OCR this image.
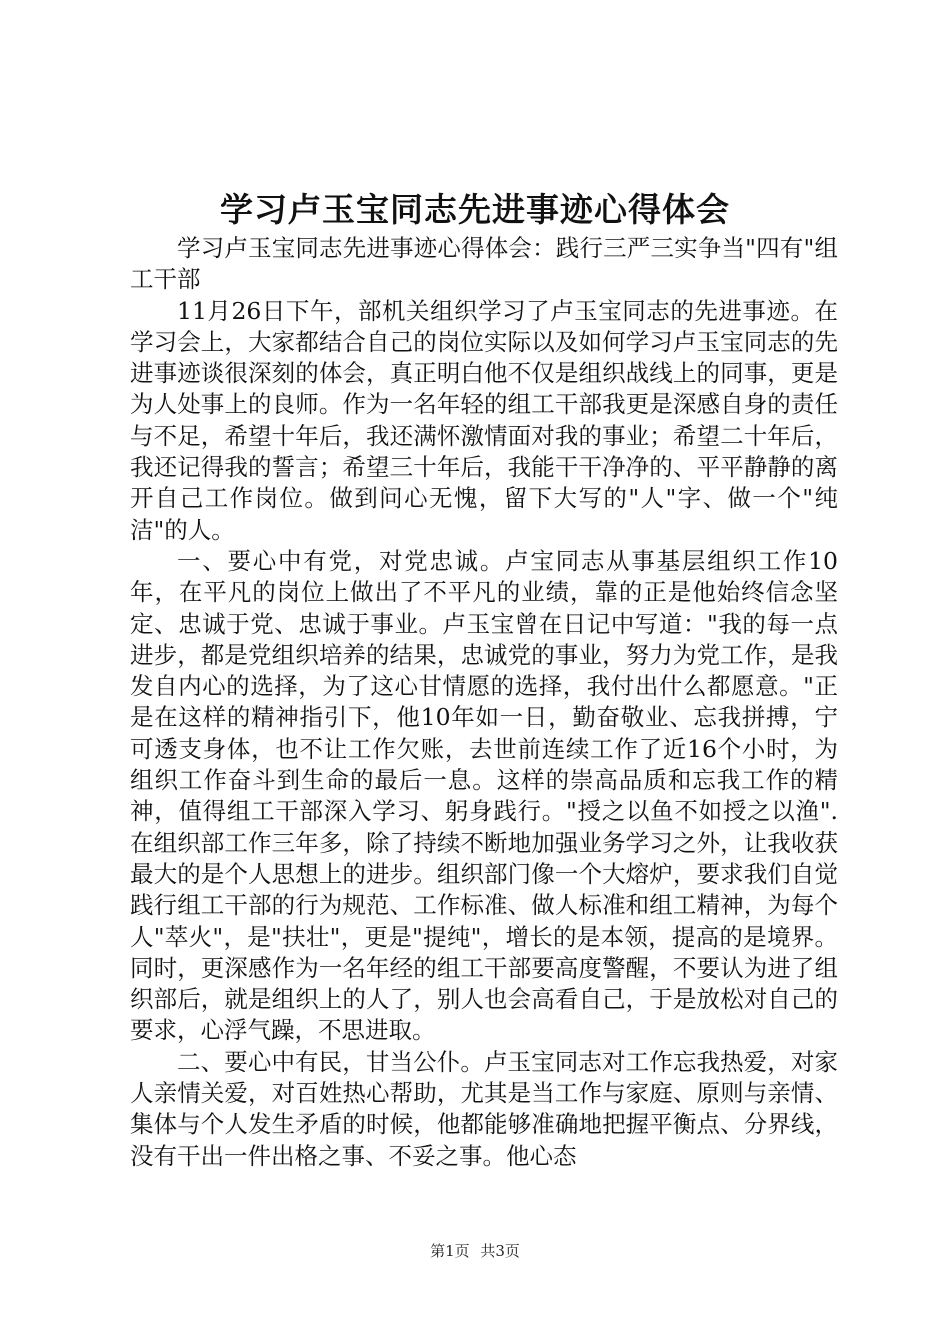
学习卢玉宝同志先进事迹心得体会

学习卢玉宝同志先进事迹心得体会：践行三严三实争当"四有"组工干部

11月26日下午，部机关组织学习了卢玉宝同志的先进事迹。在学习会上，大家都结合自己的岗位实际以及如何学习卢玉宝同志的先进事迹谈很深刻的体会，真正明白他不仅是组织战线上的同事，更是为人处事上的良师。作为一名年轻的组工干部我更是深感自身的责任与不足，希望十年后，我还满怀激情面对我的事业；希望二十年后，我还记得我的誓言；希望三十年后，我能干干净净的、平平静静的离开自己工作岗位。做到问心无愧，留下大写的"人"字、做一个"纯洁"的人。

一、要心中有党，对党忠诚。卢宝同志从事基层组织工作10年，在平凡的岗位上做出了不平凡的业绩，靠的正是他始终信念坚定、忠诚于党、忠诚于事业。卢玉宝曾在日记中写道："我的每一点进步，都是党组织培养的结果，忠诚党的事业，努力为党工作，是我发自内心的选择，为了这心甘情愿的选择，我付出什么都愿意。"正是在这样的精神指引下，他10年如一日，勤奋敬业、忘我拼搏，宁可透支身体，也不让工作欠账，去世前连续工作了近16个小时，为组织工作奋斗到生命的最后一息。这样的崇高品质和忘我工作的精神，值得组工干部深入学习、躬身践行。"授之以鱼不如授之以渔".在组织部工作三年多，除了持续不断地加强业务学习之外，让我收获最大的是个人思想上的进步。组织部门像一个大熔炉，要求我们自觉践行组工干部的行为规范、工作标准、做人标准和组工精神，为每个人"萃火"，是"扶壮"，更是"提纯"，增长的是本领，提高的是境界。同时，更深感作为一名年经的组工干部要高度警醒，不要认为进了组织部后，就是组织上的人了，别人也会高看自己，于是放松对自己的要求，心浮气躁，不思进取。

二、要心中有民，甘当公仆。卢玉宝同志对工作忘我热爱，对家人亲情关爱，对百姓热心帮助，尤其是当工作与家庭、原则与亲情、集体与个人发生矛盾的时候，他都能够准确地把握平衡点、分界线，没有干出一件出格之事、不妥之事。他心态

第1页 共3页
